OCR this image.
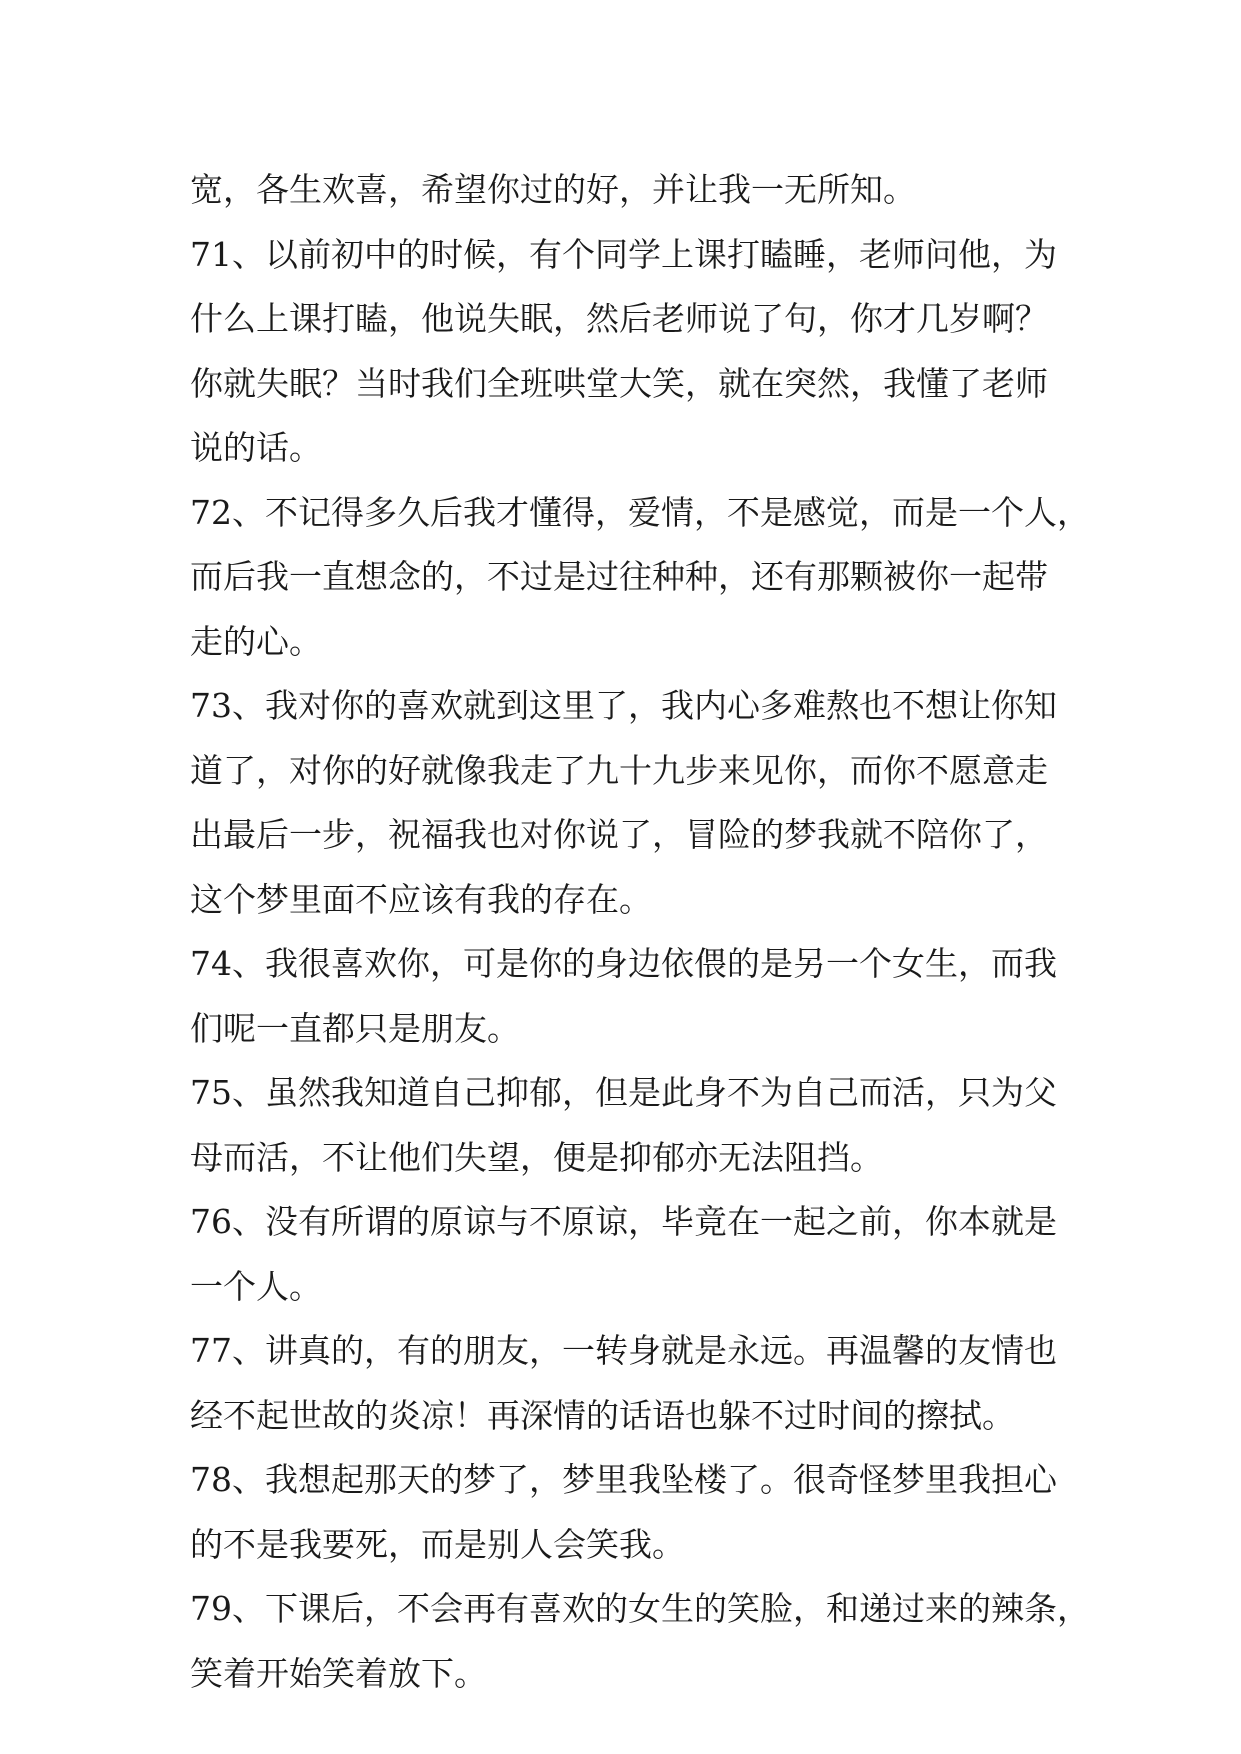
宽，各生欢喜，希望你过的好，并让我一无所知。
71、以前初中的时候，有个同学上课打瞌睡，老师问他，为
什么上课打瞌，他说失眠，然后老师说了句，你才几岁啊？
你就失眠？当时我们全班哄堂大笑，就在突然，我懂了老师
说的话。
72、不记得多久后我才懂得，爱情，不是感觉，而是一个人，
而后我一直想念的，不过是过往种种，还有那颗被你一起带
走的心。
73、我对你的喜欢就到这里了，我内心多难熬也不想让你知
道了，对你的好就像我走了九十九步来见你，而你不愿意走
出最后一步，祝福我也对你说了，冒险的梦我就不陪你了，
这个梦里面不应该有我的存在。
74、我很喜欢你，可是你的身边依偎的是另一个女生，而我
们呢一直都只是朋友。
75、虽然我知道自己抑郁，但是此身不为自己而活，只为父
母而活，不让他们失望，便是抑郁亦无法阻挡。
76、没有所谓的原谅与不原谅，毕竟在一起之前，你本就是
一个人。
77、讲真的，有的朋友，一转身就是永远。再温馨的友情也
经不起世故的炎凉！再深情的话语也躲不过时间的擦拭。
78、我想起那天的梦了，梦里我坠楼了。很奇怪梦里我担心
的不是我要死，而是别人会笑我。
79、下课后，不会再有喜欢的女生的笑脸，和递过来的辣条，
笑着开始笑着放下。
